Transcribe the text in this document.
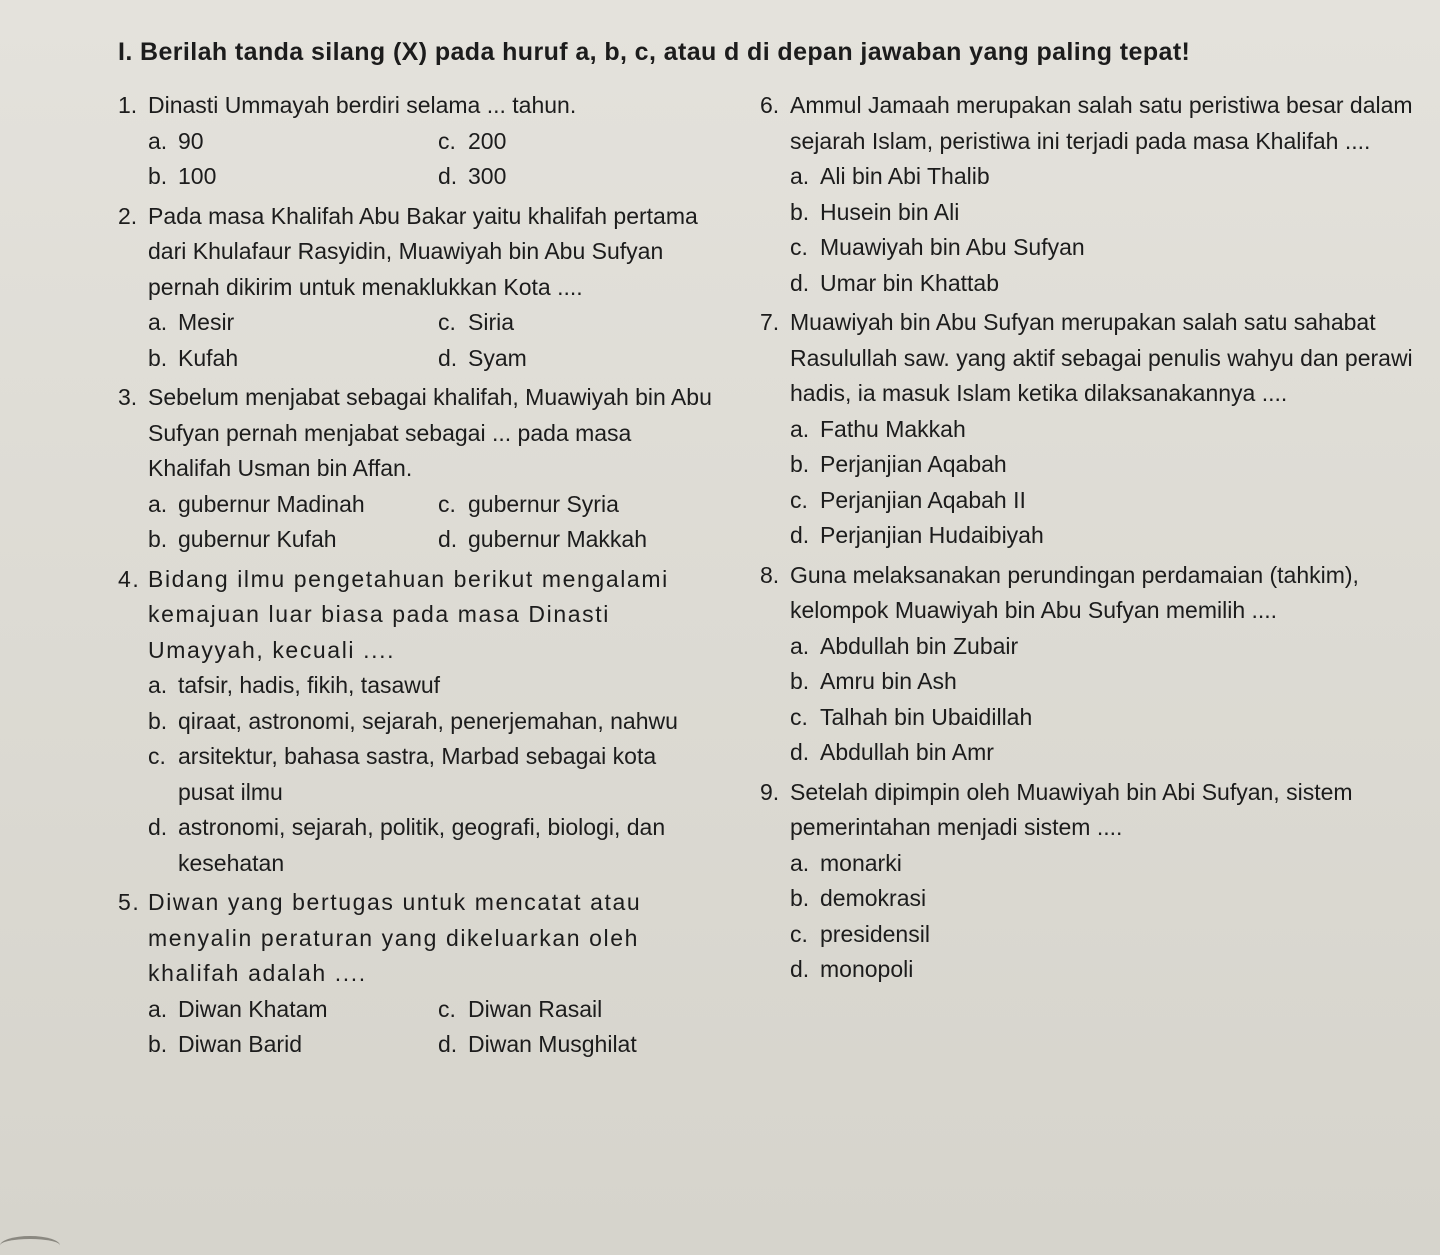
I. Berilah tanda silang (X) pada huruf a, b, c, atau d di depan jawaban yang paling tepat!
1. Dinasti Ummayah berdiri selama ... tahun.
a. 90	c. 200
b. 100	d. 300
2. Pada masa Khalifah Abu Bakar yaitu khalifah pertama dari Khulafaur Rasyidin, Muawiyah bin Abu Sufyan pernah dikirim untuk menaklukkan Kota ....
a. Mesir	c. Siria
b. Kufah	d. Syam
3. Sebelum menjabat sebagai khalifah, Muawiyah bin Abu Sufyan pernah menjabat sebagai ... pada masa Khalifah Usman bin Affan.
a. gubernur Madinah	c. gubernur Syria
b. gubernur Kufah	d. gubernur Makkah
4. Bidang ilmu pengetahuan berikut mengalami kemajuan luar biasa pada masa Dinasti Umayyah, kecuali ....
a. tafsir, hadis, fikih, tasawuf
b. qiraat, astronomi, sejarah, penerjemahan, nahwu
c. arsitektur, bahasa sastra, Marbad sebagai kota pusat ilmu
d. astronomi, sejarah, politik, geografi, biologi, dan kesehatan
5. Diwan yang bertugas untuk mencatat atau menyalin peraturan yang dikeluarkan oleh khalifah adalah ....
a. Diwan Khatam	c. Diwan Rasail
b. Diwan Barid	d. Diwan Musghilat
6. Ammul Jamaah merupakan salah satu peristiwa besar dalam sejarah Islam, peristiwa ini terjadi pada masa Khalifah ....
a. Ali bin Abi Thalib
b. Husein bin Ali
c. Muawiyah bin Abu Sufyan
d. Umar bin Khattab
7. Muawiyah bin Abu Sufyan merupakan salah satu sahabat Rasulullah saw. yang aktif sebagai penulis wahyu dan perawi hadis, ia masuk Islam ketika dilaksanakannya ....
a. Fathu Makkah
b. Perjanjian Aqabah
c. Perjanjian Aqabah II
d. Perjanjian Hudaibiyah
8. Guna melaksanakan perundingan perdamaian (tahkim), kelompok Muawiyah bin Abu Sufyan memilih ....
a. Abdullah bin Zubair
b. Amru bin Ash
c. Talhah bin Ubaidillah
d. Abdullah bin Amr
9. Setelah dipimpin oleh Muawiyah bin Abi Sufyan, sistem pemerintahan menjadi sistem ....
a. monarki
b. demokrasi
c. presidensil
d. monopoli
